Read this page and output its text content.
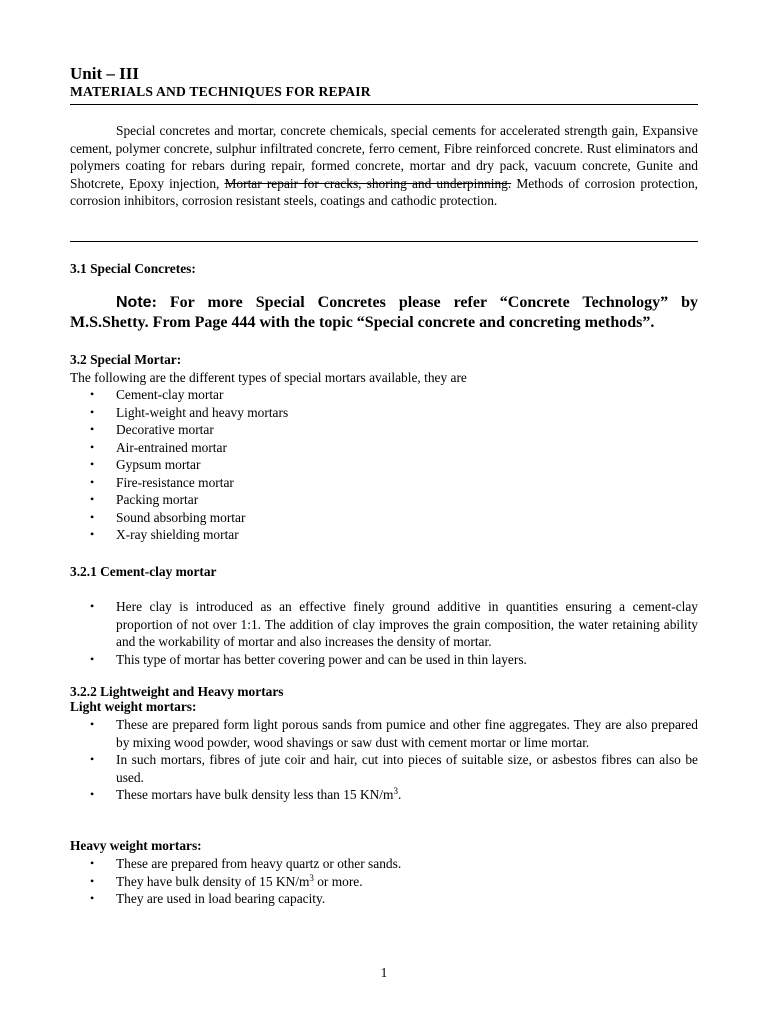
Unit – III
MATERIALS AND TECHNIQUES FOR REPAIR

Special concretes and mortar, concrete chemicals, special cements for accelerated strength gain, Expansive cement, polymer concrete, sulphur infiltrated concrete, ferro cement, Fibre reinforced concrete. Rust eliminators and polymers coating for rebars during repair, formed concrete, mortar and dry pack, vacuum concrete, Gunite and Shotcrete, Epoxy injection, Mortar repair for cracks, shoring and underpinning. Methods of corrosion protection, corrosion inhibitors, corrosion resistant steels, coatings and cathodic protection.

3.1 Special Concretes:

Note: For more Special Concretes please refer “Concrete Technology” by M.S.Shetty. From Page 444 with the topic “Special concrete and concreting methods”.

3.2 Special Mortar:

The following are the different types of special mortars available, they are

• Cement-clay mortar
• Light-weight and heavy mortars
• Decorative mortar
• Air-entrained mortar
• Gypsum mortar
• Fire-resistance mortar
• Packing mortar
• Sound absorbing mortar
• X-ray shielding mortar

3.2.1 Cement-clay mortar

• Here clay is introduced as an effective finely ground additive in quantities ensuring a cement-clay proportion of not over 1:1. The addition of clay improves the grain composition, the water retaining ability and the workability of mortar and also increases the density of mortar.
• This type of mortar has better covering power and can be used in thin layers.

3.2.2 Lightweight and Heavy mortars

Light weight mortars:

• These are prepared form light porous sands from pumice and other fine aggregates. They are also prepared by mixing wood powder, wood shavings or saw dust with cement mortar or lime mortar.
• In such mortars, fibres of jute coir and hair, cut into pieces of suitable size, or asbestos fibres can also be used.
• These mortars have bulk density less than 15 $KN/m^3$.

Heavy weight mortars:

• These are prepared from heavy quartz or other sands.
• They have bulk density of 15 $KN/m^3$ or more.
• They are used in load bearing capacity.

1
